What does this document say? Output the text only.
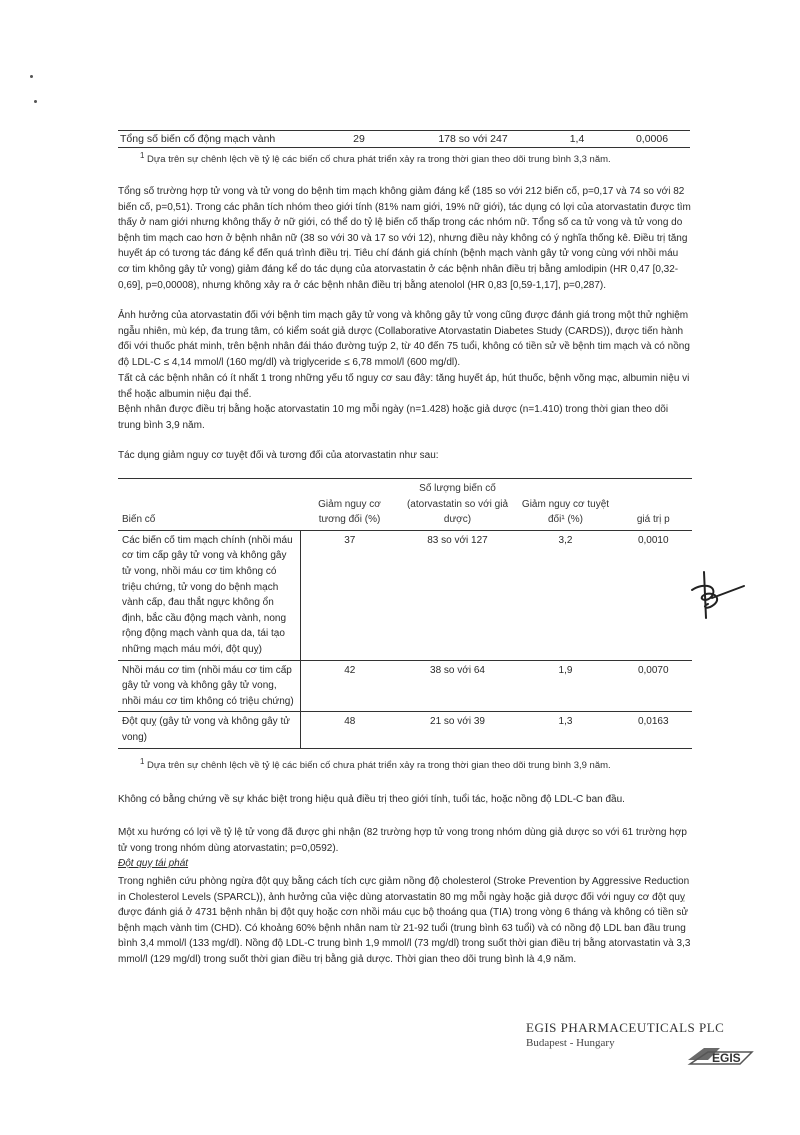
Tổng số biến cố động mạch vành	29	178 so với 247	1,4	0,0006
$^1$ Dựa trên sự chênh lệch về tỷ lệ các biến cố chưa phát triển xảy ra trong thời gian theo dõi trung bình 3,3 năm.

Tổng số trường hợp tử vong và tử vong do bệnh tim mạch không giảm đáng kể (185 so với 212 biến cố, p=0,17 và 74 so với 82 biến cố, p=0,51). Trong các phân tích nhóm theo giới tính (81% nam giới, 19% nữ giới), tác dụng có lợi của atorvastatin được tìm thấy ở nam giới nhưng không thấy ở nữ giới, có thể do tỷ lệ biến cố thấp trong các nhóm nữ. Tổng số ca tử vong và tử vong do bệnh tim mạch cao hơn ở bệnh nhân nữ (38 so với 30 và 17 so với 12), nhưng điều này không có ý nghĩa thống kê. Điều trị tăng huyết áp có tương tác đáng kể đến quá trình điều trị. Tiêu chí đánh giá chính (bệnh mạch vành gây tử vong cùng với nhồi máu cơ tim không gây tử vong) giảm đáng kể do tác dụng của atorvastatin ở các bệnh nhân điều trị bằng amlodipin (HR 0,47 [0,32-0,69], p=0,00008), nhưng không xảy ra ở các bệnh nhân điều trị bằng atenolol (HR 0,83 [0,59-1,17], p=0,287).

Ảnh hưởng của atorvastatin đối với bệnh tim mạch gây tử vong và không gây tử vong cũng được đánh giá trong một thử nghiệm ngẫu nhiên, mù kép, đa trung tâm, có kiểm soát giả dược (Collaborative Atorvastatin Diabetes Study (CARDS)), được tiến hành đối với thuốc phát minh, trên bệnh nhân đái tháo đường tuýp 2, từ 40 đến 75 tuổi, không có tiền sử về bệnh tim mạch và có nồng độ LDL-C ≤ 4,14 mmol/l (160 mg/dl) và triglyceride ≤ 6,78 mmol/l (600 mg/dl).

Tất cả các bệnh nhân có ít nhất 1 trong những yếu tố nguy cơ sau đây: tăng huyết áp, hút thuốc, bệnh võng mạc, albumin niệu vi thể hoặc albumin niệu đại thể.

Bệnh nhân được điều trị bằng hoặc atorvastatin 10 mg mỗi ngày (n=1.428) hoặc giả dược (n=1.410) trong thời gian theo dõi trung bình 3,9 năm.

Tác dụng giảm nguy cơ tuyệt đối và tương đối của atorvastatin như sau:

Biến cố	Giảm nguy cơ tương đối (%)	Số lượng biến cố (atorvastatin so với giả dược)	Giảm nguy cơ tuyệt đối¹ (%)	giá trị p
Các biến cố tim mạch chính (nhồi máu cơ tim cấp gây tử vong và không gây tử vong, nhồi máu cơ tim không có triệu chứng, tử vong do bệnh mạch vành cấp, đau thắt ngực không ổn định, bắc cầu động mạch vành, nong rộng động mạch vành qua da, tái tạo những mạch máu mới, đột quỵ)	37	83 so với 127	3,2	0,0010
Nhồi máu cơ tim (nhồi máu cơ tim cấp gây tử vong và không gây tử vong, nhồi máu cơ tim không có triệu chứng)	42	38 so với 64	1,9	0,0070
Đột quỵ (gây tử vong và không gây tử vong)	48	21 so với 39	1,3	0,0163
$^1$ Dựa trên sự chênh lệch về tỷ lệ các biến cố chưa phát triển xảy ra trong thời gian theo dõi trung bình 3,9 năm.

Không có bằng chứng về sự khác biệt trong hiệu quả điều trị theo giới tính, tuổi tác, hoặc nồng độ LDL-C ban đầu.

Một xu hướng có lợi về tỷ lệ tử vong đã được ghi nhận (82 trường hợp tử vong trong nhóm dùng giả dược so với 61 trường hợp tử vong trong nhóm dùng atorvastatin; p=0,0592).

Đột quỵ tái phát

Trong nghiên cứu phòng ngừa đột quỵ bằng cách tích cực giảm nồng độ cholesterol (Stroke Prevention by Aggressive Reduction in Cholesterol Levels (SPARCL)), ảnh hưởng của việc dùng atorvastatin 80 mg mỗi ngày hoặc giả dược đối với nguy cơ đột quỵ được đánh giá ở 4731 bệnh nhân bị đột quỵ hoặc cơn nhồi máu cục bộ thoáng qua (TIA) trong vòng 6 tháng và không có tiền sử bệnh mạch vành tim (CHD). Có khoảng 60% bệnh nhân nam từ 21-92 tuổi (trung bình 63 tuổi) và có nồng độ LDL ban đầu trung bình 3,4 mmol/l (133 mg/dl). Nồng độ LDL-C trung bình 1,9 mmol/l (73 mg/dl) trong suốt thời gian điều trị bằng atorvastatin và 3,3 mmol/l (129 mg/dl) trong suốt thời gian điều trị bằng giả dược. Thời gian theo dõi trung bình là 4,9 năm.

EGIS PHARMACEUTICALS PLC
Budapest - Hungary
EGIS
